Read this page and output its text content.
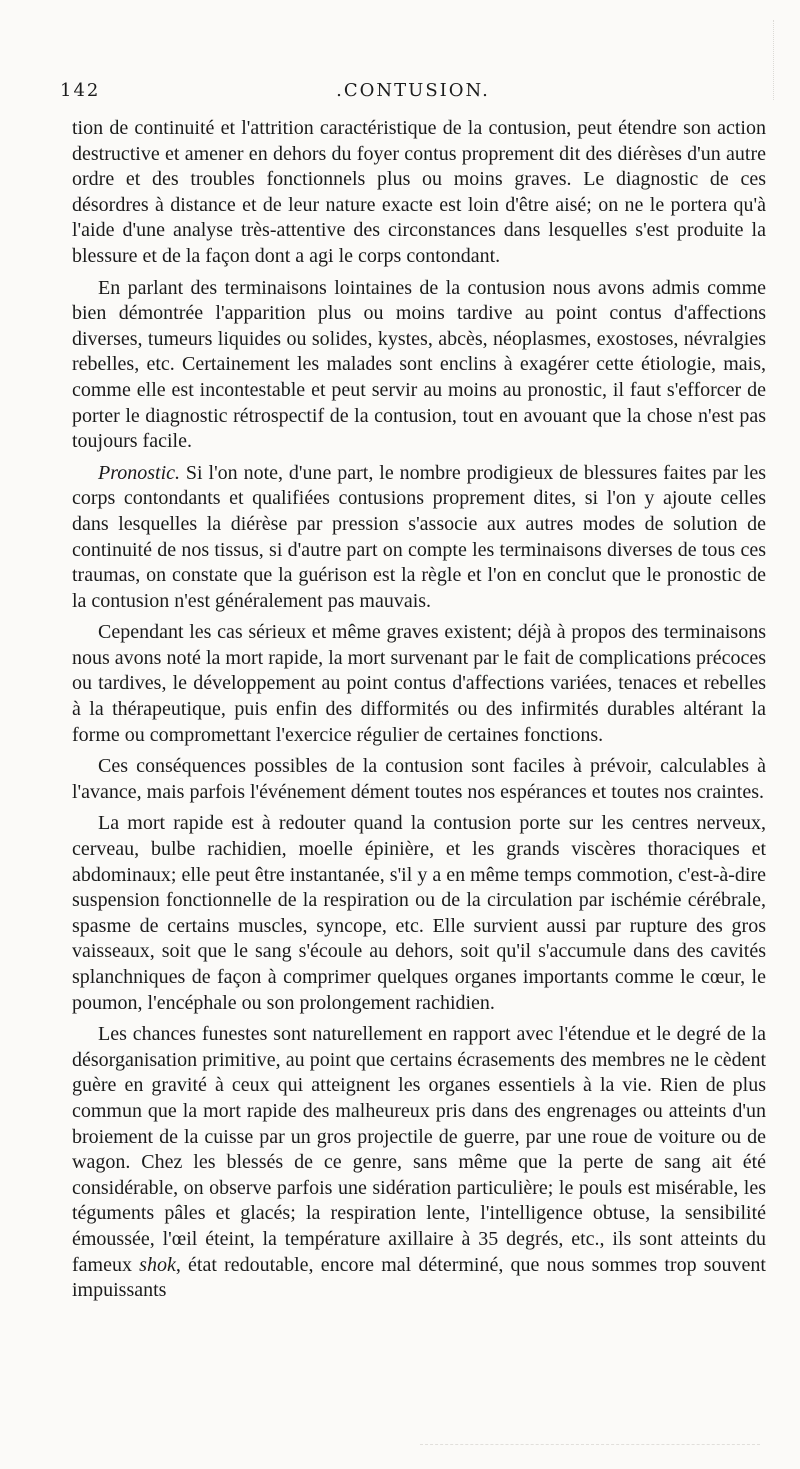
142	.CONTUSION.

tion de continuité et l'attrition caractéristique de la contusion, peut étendre son action destructive et amener en dehors du foyer contus proprement dit des diérèses d'un autre ordre et des troubles fonctionnels plus ou moins graves. Le diagnostic de ces désordres à distance et de leur nature exacte est loin d'être aisé; on ne le portera qu'à l'aide d'une analyse très-attentive des circonstances dans lesquelles s'est produite la blessure et de la façon dont a agi le corps contondant.

En parlant des terminaisons lointaines de la contusion nous avons admis comme bien démontrée l'apparition plus ou moins tardive au point contus d'affections diverses, tumeurs liquides ou solides, kystes, abcès, néoplasmes, exostoses, névralgies rebelles, etc. Certainement les malades sont enclins à exagérer cette étiologie, mais, comme elle est incontestable et peut servir au moins au pronostic, il faut s'efforcer de porter le diagnostic rétrospectif de la contusion, tout en avouant que la chose n'est pas toujours facile.

Pronostic. Si l'on note, d'une part, le nombre prodigieux de blessures faites par les corps contondants et qualifiées contusions proprement dites, si l'on y ajoute celles dans lesquelles la diérèse par pression s'associe aux autres modes de solution de continuité de nos tissus, si d'autre part on compte les terminaisons diverses de tous ces traumas, on constate que la guérison est la règle et l'on en conclut que le pronostic de la contusion n'est généralement pas mauvais.

Cependant les cas sérieux et même graves existent; déjà à propos des terminaisons nous avons noté la mort rapide, la mort survenant par le fait de complications précoces ou tardives, le développement au point contus d'affections variées, tenaces et rebelles à la thérapeutique, puis enfin des difformités ou des infirmités durables altérant la forme ou compromettant l'exercice régulier de certaines fonctions.

Ces conséquences possibles de la contusion sont faciles à prévoir, calculables à l'avance, mais parfois l'événement dément toutes nos espérances et toutes nos craintes.

La mort rapide est à redouter quand la contusion porte sur les centres nerveux, cerveau, bulbe rachidien, moelle épinière, et les grands viscères thoraciques et abdominaux; elle peut être instantanée, s'il y a en même temps commotion, c'est-à-dire suspension fonctionnelle de la respiration ou de la circulation par ischémie cérébrale, spasme de certains muscles, syncope, etc. Elle survient aussi par rupture des gros vaisseaux, soit que le sang s'écoule au dehors, soit qu'il s'accumule dans des cavités splanchniques de façon à comprimer quelques organes importants comme le cœur, le poumon, l'encéphale ou son prolongement rachidien.

Les chances funestes sont naturellement en rapport avec l'étendue et le degré de la désorganisation primitive, au point que certains écrasements des membres ne le cèdent guère en gravité à ceux qui atteignent les organes essentiels à la vie. Rien de plus commun que la mort rapide des malheureux pris dans des engrenages ou atteints d'un broiement de la cuisse par un gros projectile de guerre, par une roue de voiture ou de wagon. Chez les blessés de ce genre, sans même que la perte de sang ait été considérable, on observe parfois une sidération particulière; le pouls est misérable, les téguments pâles et glacés; la respiration lente, l'intelligence obtuse, la sensibilité émoussée, l'œil éteint, la température axillaire à 35 degrés, etc., ils sont atteints du fameux shok, état redoutable, encore mal déterminé, que nous sommes trop souvent impuissants
